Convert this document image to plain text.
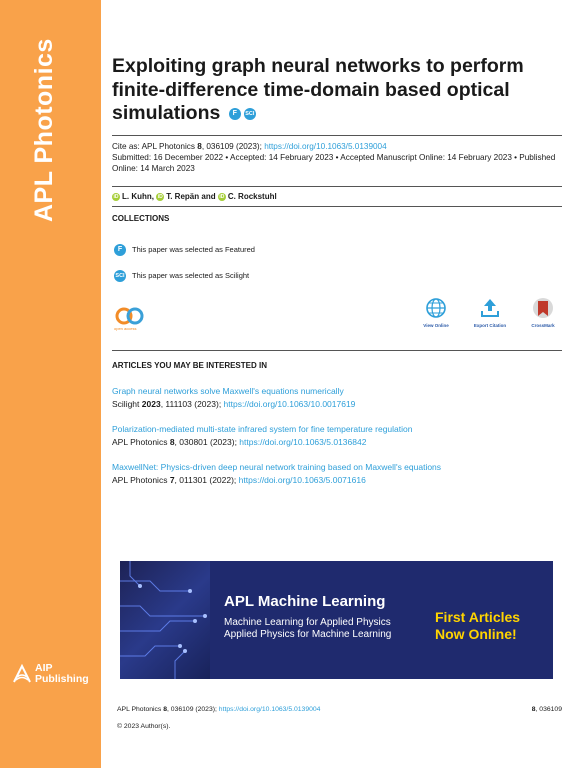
APL Photonics
AIP
Publishing
Exploiting graph neural networks to perform finite-difference time-domain based optical simulations F SCI
Cite as: APL Photonics 8, 036109 (2023); https://doi.org/10.1063/5.0139004
Submitted: 16 December 2022 • Accepted: 14 February 2023 • Accepted Manuscript Online: 14 February 2023 • Published Online: 14 March 2023
iD L. Kuhn, iD T. Repän and iD C. Rockstuhl
COLLECTIONS
F This paper was selected as Featured
SCI This paper was selected as Scilight
open access
View Online	Export Citation	CrossMark
ARTICLES YOU MAY BE INTERESTED IN
Graph neural networks solve Maxwell's equations numerically
Scilight 2023, 111103 (2023); https://doi.org/10.1063/10.0017619
Polarization-mediated multi-state infrared system for fine temperature regulation
APL Photonics 8, 030801 (2023); https://doi.org/10.1063/5.0136842
MaxwellNet: Physics-driven deep neural network training based on Maxwell's equations
APL Photonics 7, 011301 (2022); https://doi.org/10.1063/5.0071616
APL Machine Learning
Machine Learning for Applied Physics
Applied Physics for Machine Learning
First Articles
Now Online!
APL Photonics 8, 036109 (2023); https://doi.org/10.1063/5.0139004	8, 036109
© 2023 Author(s).
